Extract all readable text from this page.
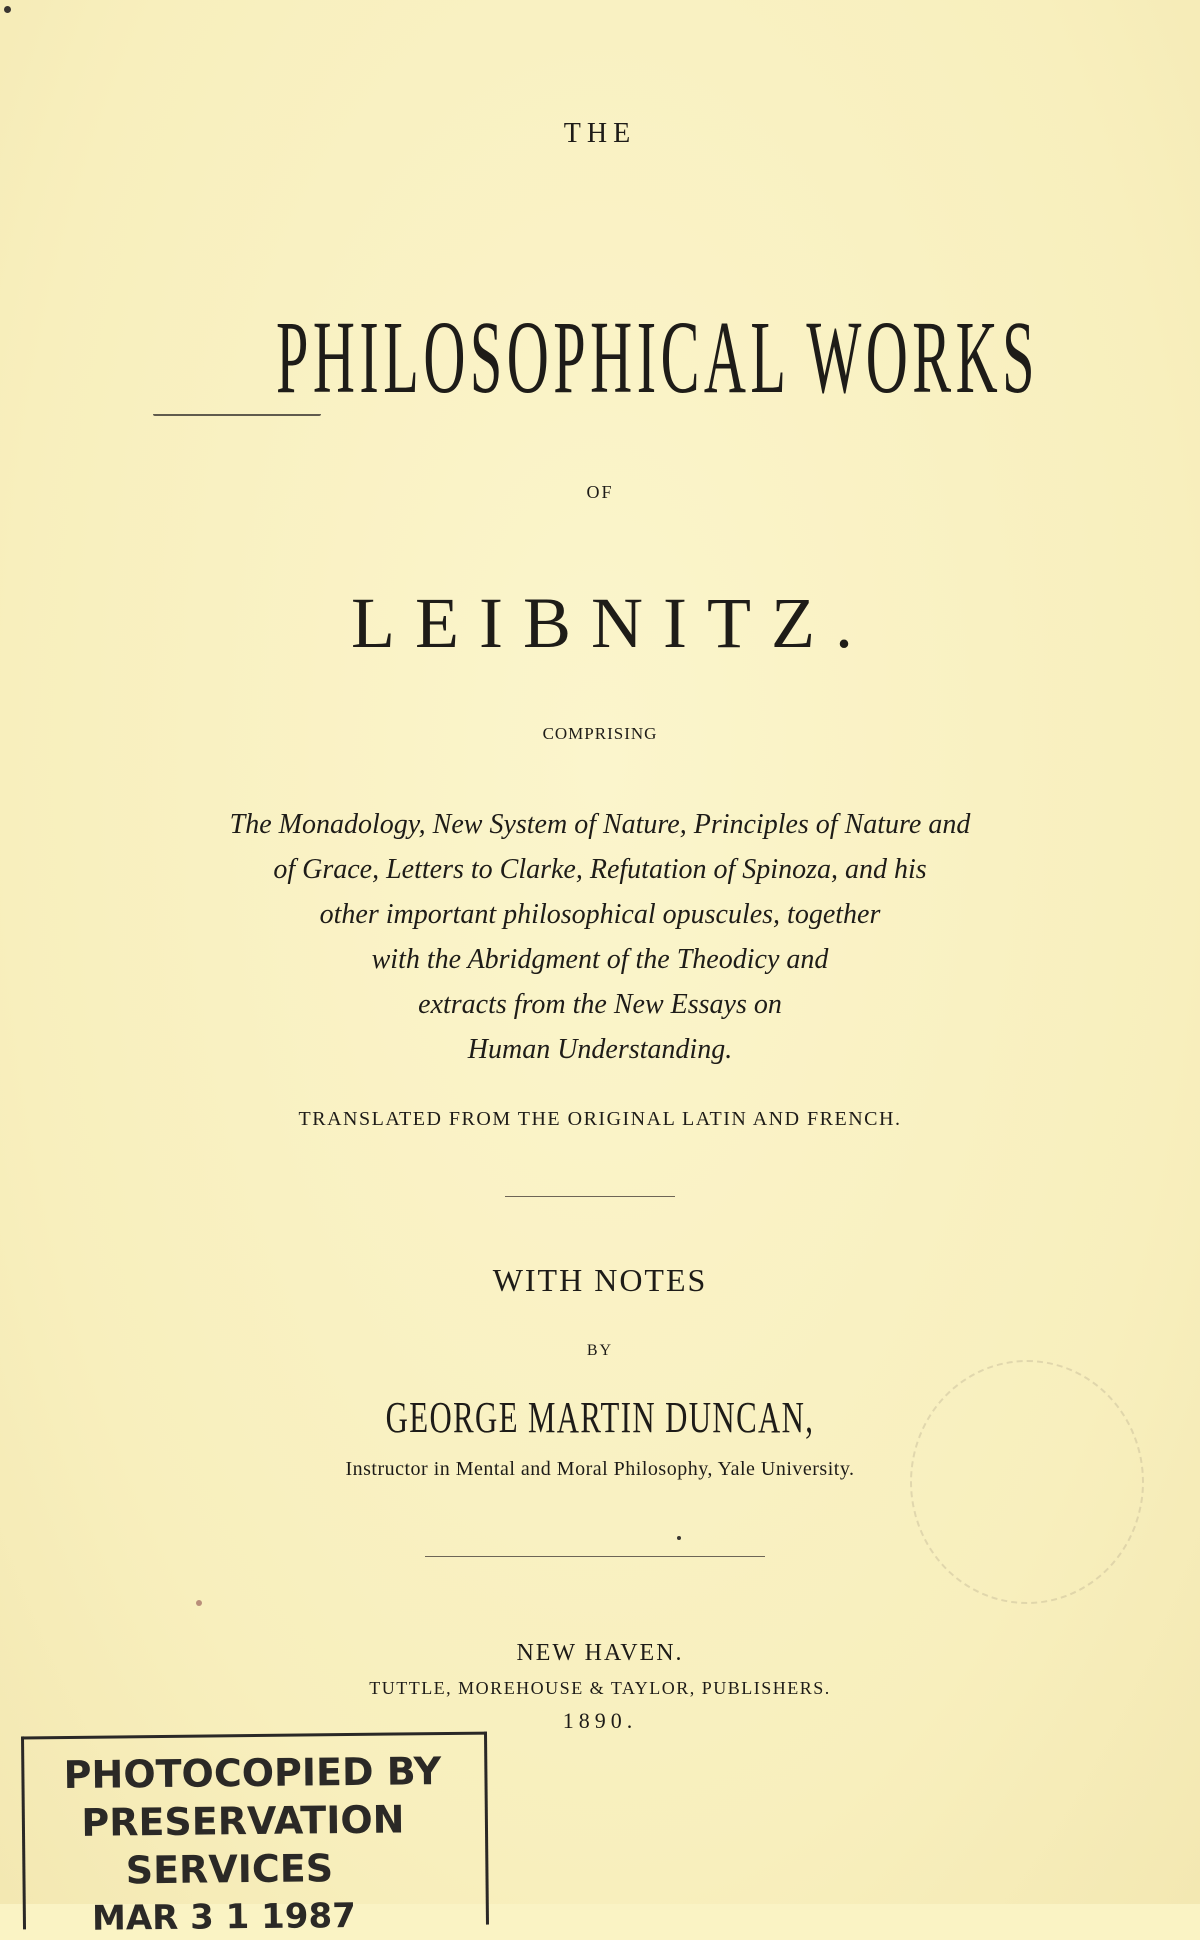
THE
PHILOSOPHICAL WORKS
OF
LEIBNITZ.
COMPRISING
The Monadology, New System of Nature, Principles of Nature and
of Grace, Letters to Clarke, Refutation of Spinoza, and his
other important philosophical opuscules, together
with the Abridgment of the Theodicy and
extracts from the New Essays on
Human Understanding.
TRANSLATED FROM THE ORIGINAL LATIN AND FRENCH.
WITH NOTES
BY
GEORGE MARTIN DUNCAN,
Instructor in Mental and Moral Philosophy, Yale University.
NEW HAVEN.
TUTTLE, MOREHOUSE & TAYLOR, PUBLISHERS.
1890.
PHOTOCOPIED BY
PRESERVATION
SERVICES
MAR 3 1 1987
